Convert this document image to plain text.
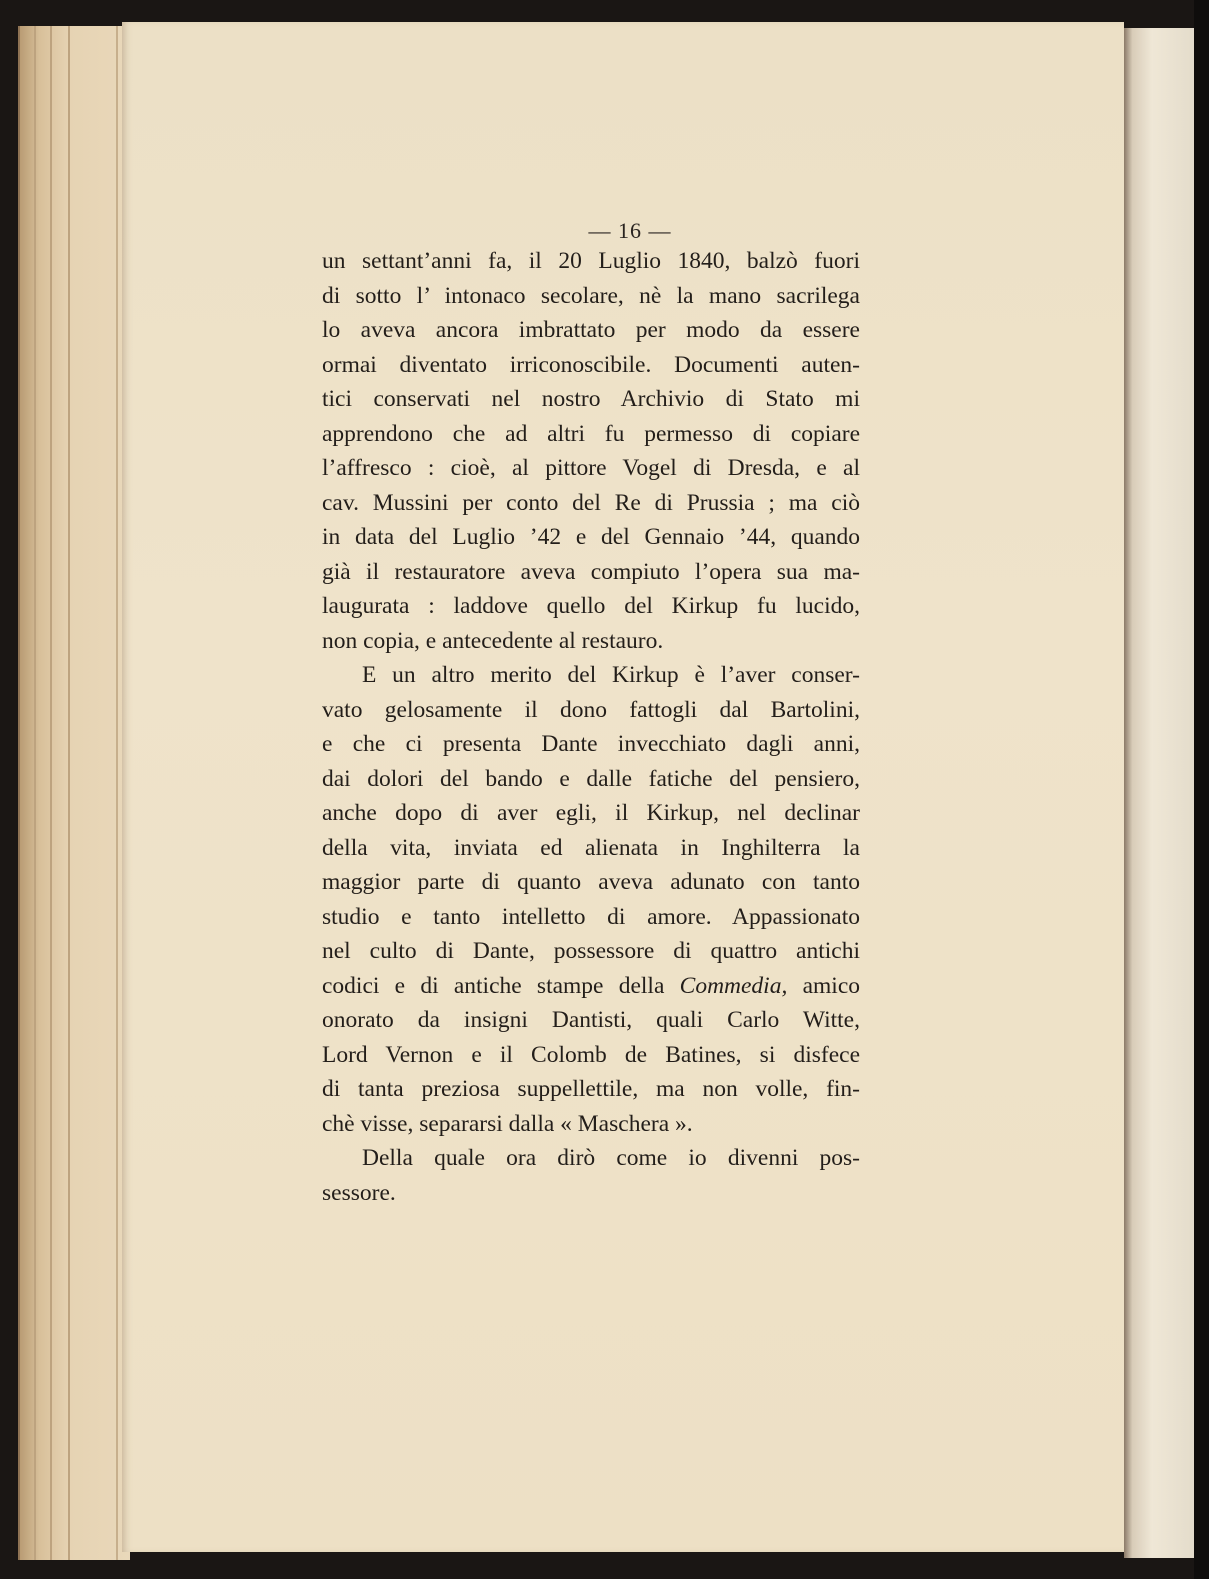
— 16 —
un settant’anni fa, il 20 Luglio 1840, balzò fuori
di sotto l’ intonaco secolare, nè la mano sacrilega
lo aveva ancora imbrattato per modo da essere
ormai diventato irriconoscibile. Documenti auten-
tici conservati nel nostro Archivio di Stato mi
apprendono che ad altri fu permesso di copiare
l’affresco : cioè, al pittore Vogel di Dresda, e al
cav. Mussini per conto del Re di Prussia ; ma ciò
in data del Luglio ’42 e del Gennaio ’44, quando
già il restauratore aveva compiuto l’opera sua ma-
laugurata : laddove quello del Kirkup fu lucido,
non copia, e antecedente al restauro.
E un altro merito del Kirkup è l’aver conser-
vato gelosamente il dono fattogli dal Bartolini,
e che ci presenta Dante invecchiato dagli anni,
dai dolori del bando e dalle fatiche del pensiero,
anche dopo di aver egli, il Kirkup, nel declinar
della vita, inviata ed alienata in Inghilterra la
maggior parte di quanto aveva adunato con tanto
studio e tanto intelletto di amore. Appassionato
nel culto di Dante, possessore di quattro antichi
codici e di antiche stampe della Commedia, amico
onorato da insigni Dantisti, quali Carlo Witte,
Lord Vernon e il Colomb de Batines, si disfece
di tanta preziosa suppellettile, ma non volle, fin-
chè visse, separarsi dalla « Maschera ».
Della quale ora dirò come io divenni pos-
sessore.
